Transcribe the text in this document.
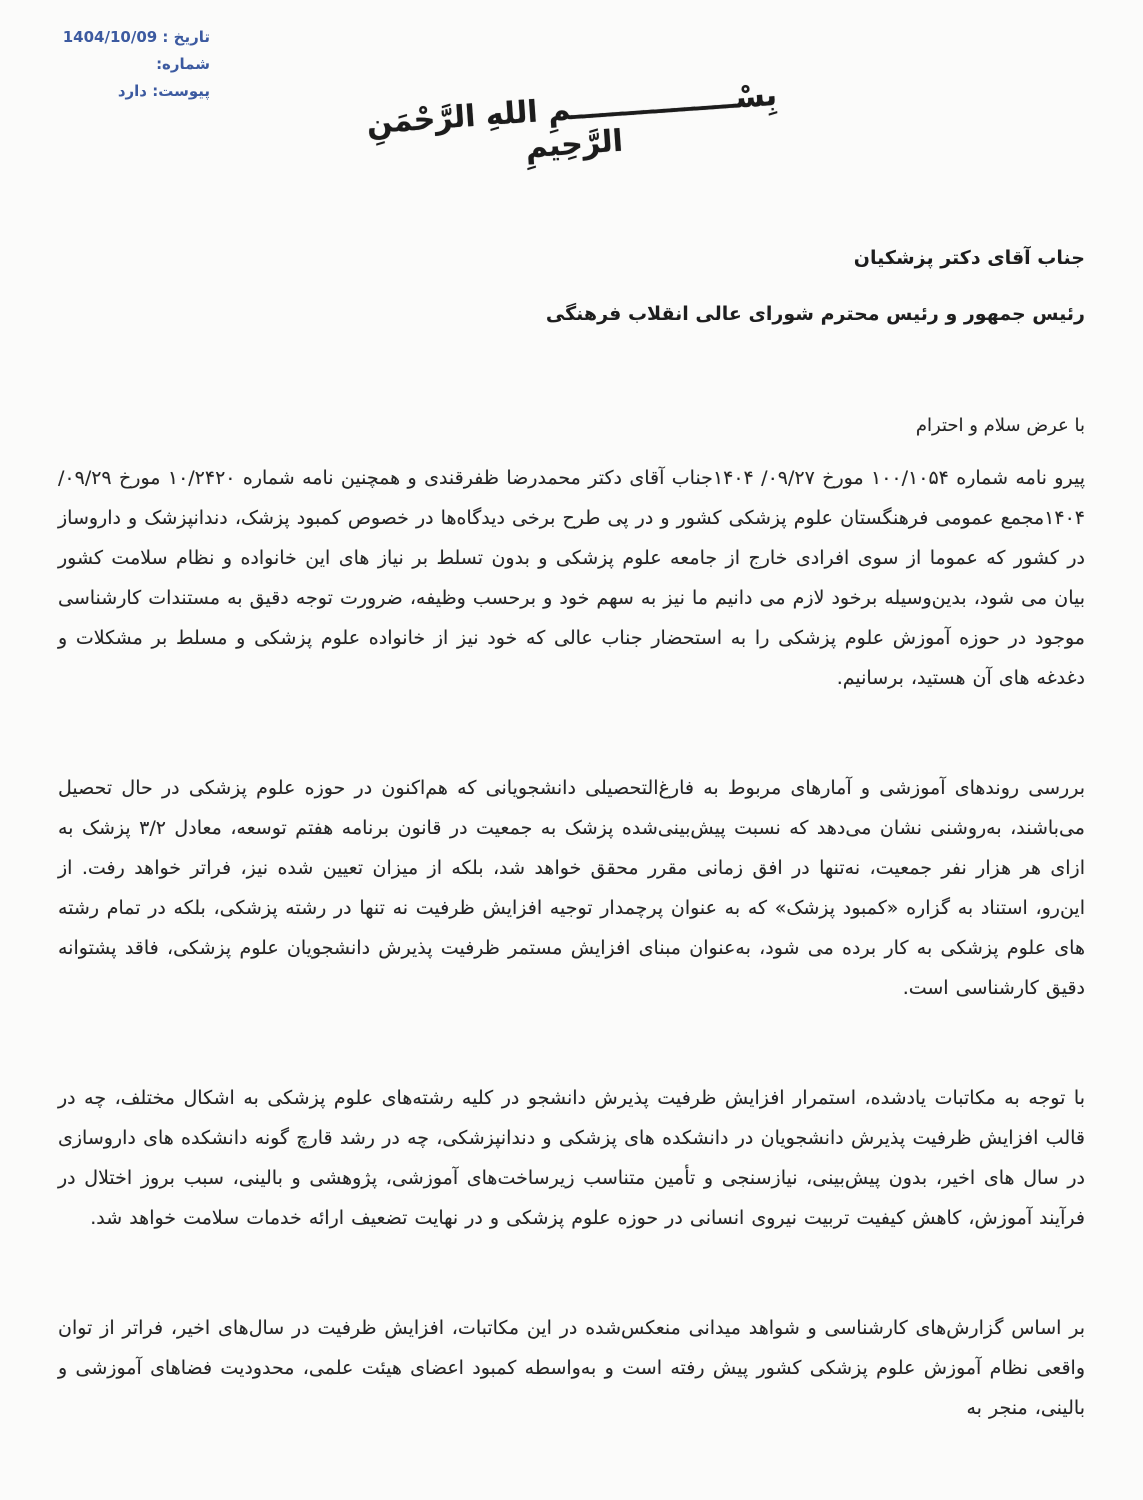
تاریخ : 1404/10/09
شماره:
پیوست: دارد	بِسْــــــــــــــــمِ اللهِ الرَّحْمَنِ الرَّحِیمِ
جناب آقای دکتر پزشکیان
رئیس جمهور و رئیس محترم شورای عالی انقلاب فرهنگی
با عرض سلام و احترام

پیرو نامه شماره ۱۰۰/۱۰۵۴ مورخ ۰۹/۲۷/ ۱۴۰۴جناب آقای دکتر محمدرضا ظفرقندی و همچنین نامه شماره ۱۰/۲۴۲۰ مورخ ۰۹/۲۹/ ۱۴۰۴مجمع عمومی فرهنگستان علوم پزشکی کشور و در پی طرح برخی دیدگاه‌ها در خصوص کمبود پزشک، دندانپزشک و داروساز در کشور که عموما از سوی افرادی خارج از جامعه علوم پزشکی و بدون تسلط بر نیاز های این خانواده و نظام سلامت کشور بیان می شود، بدین‌وسیله برخود لازم می دانیم ما نیز به سهم خود و برحسب وظیفه، ضرورت توجه دقیق به مستندات کارشناسی موجود در حوزه آموزش علوم پزشکی را به استحضار جناب عالی که خود نیز از خانواده علوم پزشکی و مسلط بر مشکلات و دغدغه های آن هستید، برسانیم.

بررسی روندهای آموزشی و آمارهای مربوط به فارغ‌التحصیلی دانشجویانی که هم‌اکنون در حوزه علوم پزشکی در حال تحصیل می‌باشند، به‌روشنی نشان می‌دهد که نسبت پیش‌بینی‌شده پزشک به جمعیت در قانون برنامه هفتم توسعه، معادل ۳/۲ پزشک به ازای هر هزار نفر جمعیت، نه‌تنها در افق زمانی مقرر محقق خواهد شد، بلکه از میزان تعیین شده نیز، فراتر خواهد رفت. از این‌رو، استناد به گزاره «کمبود پزشک» که به عنوان پرچمدار توجیه افزایش ظرفیت نه تنها در رشته پزشکی، بلکه در تمام رشته های علوم پزشکی به کار برده می شود، به‌عنوان مبنای افزایش مستمر ظرفیت پذیرش دانشجویان علوم پزشکی، فاقد پشتوانه دقیق کارشناسی است.

با توجه به مکاتبات یادشده، استمرار افزایش ظرفیت پذیرش دانشجو در کلیه رشته‌های علوم پزشکی به اشکال مختلف، چه در قالب افزایش ظرفیت پذیرش دانشجویان در دانشکده های پزشکی و دندانپزشکی، چه در رشد قارچ گونه دانشکده های داروسازی در سال های اخیر، بدون پیش‌بینی، نیازسنجی و تأمین متناسب زیرساخت‌های آموزشی، پژوهشی و بالینی، سبب بروز اختلال در فرآیند آموزش، کاهش کیفیت تربیت نیروی انسانی در حوزه علوم پزشکی و در نهایت تضعیف ارائه خدمات سلامت خواهد شد.

بر اساس گزارش‌های کارشناسی و شواهد میدانی منعکس‌شده در این مکاتبات، افزایش ظرفیت در سال‌های اخیر، فراتر از توان واقعی نظام آموزش علوم پزشکی کشور پیش رفته است و به‌واسطه کمبود اعضای هیئت علمی، محدودیت فضاهای آموزشی و بالینی، منجر به
